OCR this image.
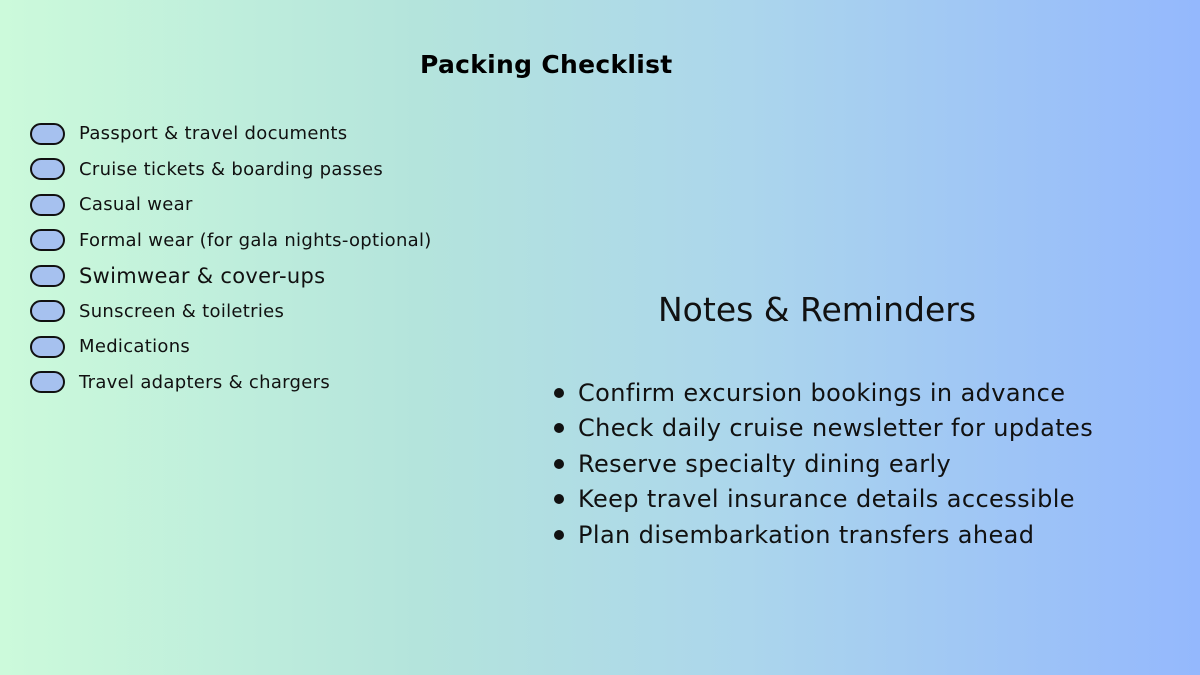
Packing Checklist
Passport & travel documents
Cruise tickets & boarding passes
Casual wear
Formal wear (for gala nights-optional)
Swimwear & cover-ups
Sunscreen & toiletries
Medications
Travel adapters & chargers
Notes & Reminders
Confirm excursion bookings in advance
Check daily cruise newsletter for updates
Reserve specialty dining early
Keep travel insurance details accessible
Plan disembarkation transfers ahead
